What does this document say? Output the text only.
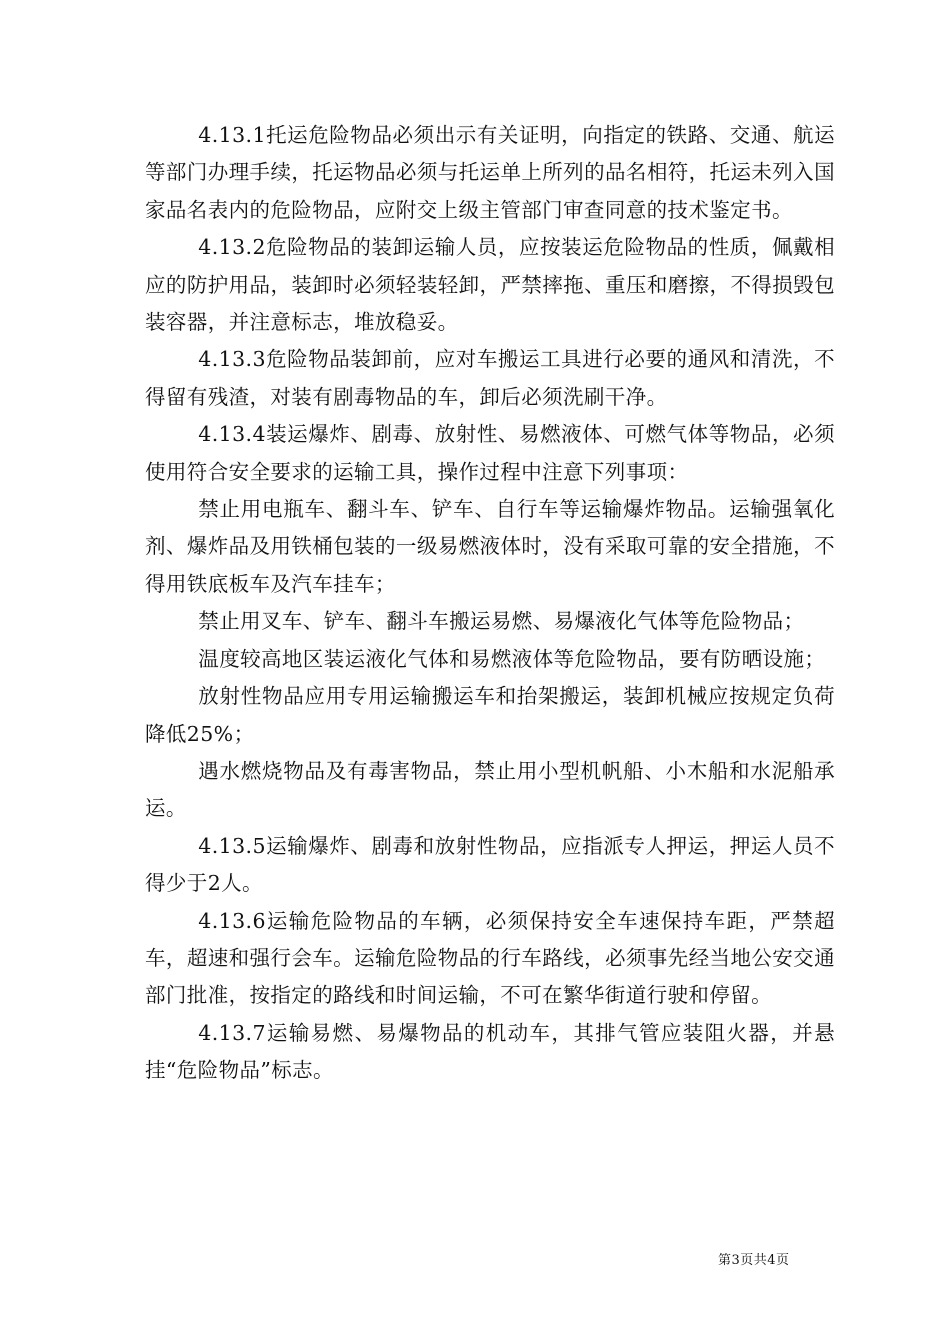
4.13.1托运危险物品必须出示有关证明，向指定的铁路、交通、航运等部门办理手续，托运物品必须与托运单上所列的品名相符，托运未列入国家品名表内的危险物品，应附交上级主管部门审查同意的技术鉴定书。

4.13.2危险物品的装卸运输人员，应按装运危险物品的性质，佩戴相应的防护用品，装卸时必须轻装轻卸，严禁摔拖、重压和磨擦，不得损毁包装容器，并注意标志，堆放稳妥。

4.13.3危险物品装卸前，应对车搬运工具进行必要的通风和清洗，不得留有残渣，对装有剧毒物品的车，卸后必须洗刷干净。

4.13.4装运爆炸、剧毒、放射性、易燃液体、可燃气体等物品，必须使用符合安全要求的运输工具，操作过程中注意下列事项：

禁止用电瓶车、翻斗车、铲车、自行车等运输爆炸物品。运输强氧化剂、爆炸品及用铁桶包装的一级易燃液体时，没有采取可靠的安全措施，不得用铁底板车及汽车挂车；

禁止用叉车、铲车、翻斗车搬运易燃、易爆液化气体等危险物品；

温度较高地区装运液化气体和易燃液体等危险物品，要有防晒设施；

放射性物品应用专用运输搬运车和抬架搬运，装卸机械应按规定负荷降低25%；

遇水燃烧物品及有毒害物品，禁止用小型机帆船、小木船和水泥船承运。

4.13.5运输爆炸、剧毒和放射性物品，应指派专人押运，押运人员不得少于2人。

4.13.6运输危险物品的车辆，必须保持安全车速保持车距，严禁超车，超速和强行会车。运输危险物品的行车路线，必须事先经当地公安交通部门批准，按指定的路线和时间运输，不可在繁华街道行驶和停留。

4.13.7运输易燃、易爆物品的机动车，其排气管应装阻火器，并悬挂“危险物品”标志。

第3页共4页
